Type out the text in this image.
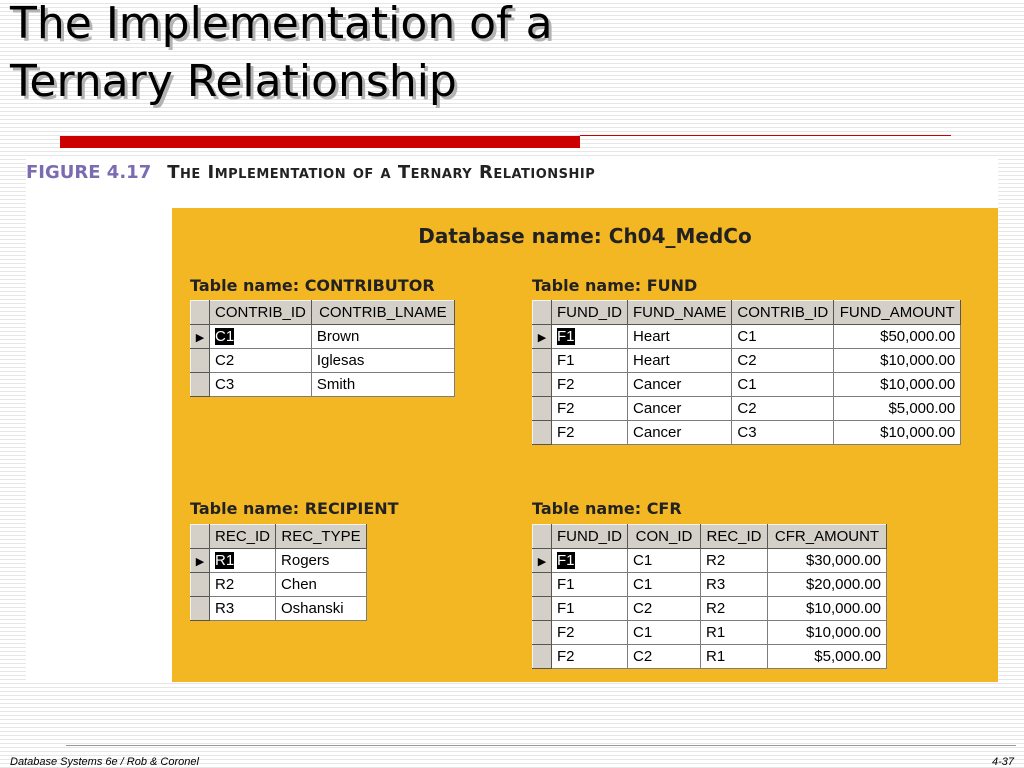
The Implementation of a
Ternary Relationship
FIGURE 4.17 The Implementation of a Ternary Relationship
Database name: Ch04_MedCo
Table name: CONTRIBUTOR
	CONTRIB_ID	CONTRIB_LNAME
▶	C1	Brown
	C2	Iglesas
	C3	Smith
Table name: FUND
	FUND_ID	FUND_NAME	CONTRIB_ID	FUND_AMOUNT
▶	F1	Heart	C1	$50,000.00
	F1	Heart	C2	$10,000.00
	F2	Cancer	C1	$10,000.00
	F2	Cancer	C2	$5,000.00
	F2	Cancer	C3	$10,000.00
Table name: RECIPIENT
	REC_ID	REC_TYPE
▶	R1	Rogers
	R2	Chen
	R3	Oshanski
Table name: CFR
	FUND_ID	CON_ID	REC_ID	CFR_AMOUNT
▶	F1	C1	R2	$30,000.00
	F1	C1	R3	$20,000.00
	F1	C2	R2	$10,000.00
	F2	C1	R1	$10,000.00
	F2	C2	R1	$5,000.00
Database Systems 6e / Rob & Coronel	4-37
